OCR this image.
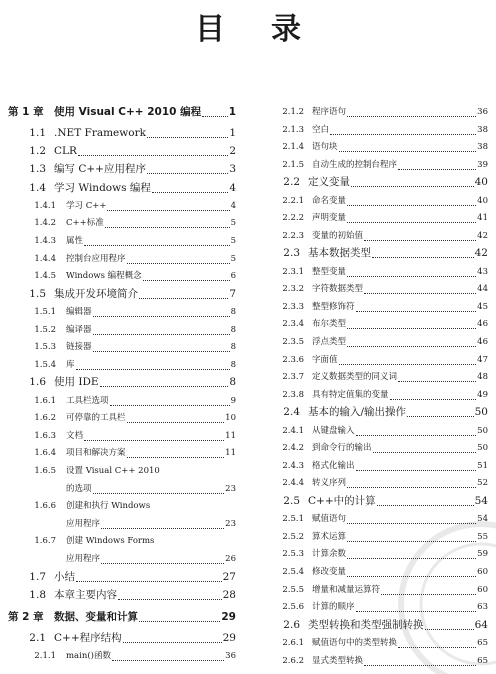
目 录
第 1 章 使用 Visual C++ 2010 编程	1
1.1 .NET Framework	1
1.2 CLR	2
1.3 编写 C++应用程序	3
1.4 学习 Windows 编程	4
1.4.1	学习 C++	4
1.4.2	C++标准	5
1.4.3	属性	5
1.4.4	控制台应用程序	5
1.4.5	Windows 编程概念	6
1.5 集成开发环境简介	7
1.5.1	编辑器	8
1.5.2	编译器	8
1.5.3	链接器	8
1.5.4	库	8
1.6 使用 IDE	8
1.6.1	工具栏选项	9
1.6.2	可停靠的工具栏	10
1.6.3	文档	11
1.6.4	项目和解决方案	11
1.6.5	设置 Visual C++ 2010
的选项	23
1.6.6	创建和执行 Windows
应用程序	23
1.6.7	创建 Windows Forms
应用程序	26
1.7 小结	27
1.8 本章主要内容	28
第 2 章 数据、变量和计算	29
2.1 C++程序结构	29
2.1.1	main()函数	36
2.1.2 程序语句	36
2.1.3 空白	38
2.1.4 语句块	38
2.1.5 自动生成的控制台程序	39
2.2 定义变量	40
2.2.1 命名变量	40
2.2.2 声明变量	41
2.2.3 变量的初始值	42
2.3 基本数据类型	42
2.3.1 整型变量	43
2.3.2 字符数据类型	44
2.3.3 整型修饰符	45
2.3.4 布尔类型	46
2.3.5 浮点类型	46
2.3.6 字面值	47
2.3.7 定义数据类型的同义词	48
2.3.8 具有特定值集的变量	49
2.4 基本的输入/输出操作	50
2.4.1 从键盘输入	50
2.4.2 到命令行的输出	50
2.4.3 格式化输出	51
2.4.4 转义序列	52
2.5 C++中的计算	54
2.5.1 赋值语句	54
2.5.2 算术运算	55
2.5.3 计算余数	59
2.5.4 修改变量	60
2.5.5 增量和减量运算符	60
2.5.6 计算的顺序	63
2.6 类型转换和类型强制转换	64
2.6.1 赋值语句中的类型转换	65
2.6.2 显式类型转换	65
